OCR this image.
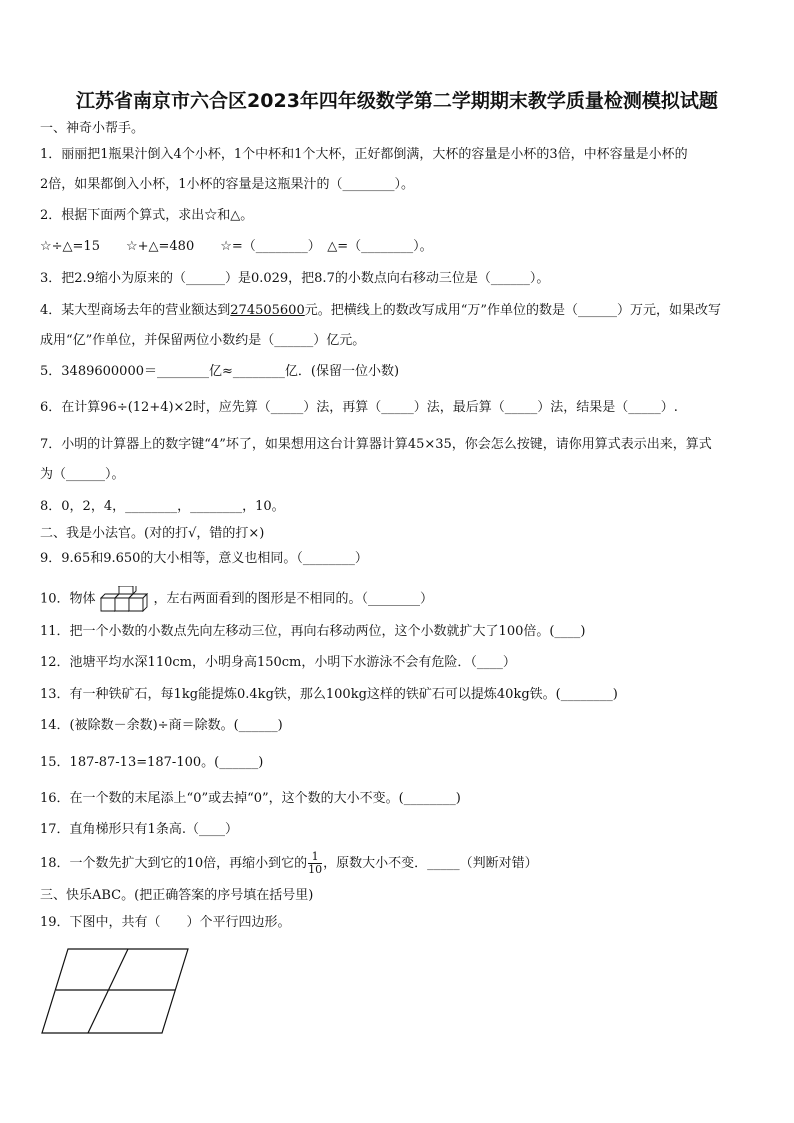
江苏省南京市六合区2023年四年级数学第二学期期末教学质量检测模拟试题
一、神奇小帮手。
1．丽丽把1瓶果汁倒入4个小杯，1个中杯和1个大杯，正好都倒满，大杯的容量是小杯的3倍，中杯容量是小杯的
2倍，如果都倒入小杯，1小杯的容量是这瓶果汁的（________）。
2．根据下面两个算式，求出☆和△。
☆÷△=15　　☆+△=480　　☆=（________）　△=（________）。
3．把2.9缩小为原来的（______）是0.029，把8.7的小数点向右移动三位是（______）。
4．某大型商场去年的营业额达到274505600元。把横线上的数改写成用“万”作单位的数是（______）万元，如果改写
成用“亿”作单位，并保留两位小数约是（______）亿元。
5．3489600000＝________亿≈________亿．(保留一位小数)
6．在计算96÷(12+4)×2时，应先算（_____）法，再算（_____）法，最后算（_____）法，结果是（_____）.
7．小明的计算器上的数字键“4”坏了，如果想用这台计算器计算45×35，你会怎么按键，请你用算式表示出来，算式
为（______）。
8．0，2，4，________，________，10。
二、我是小法官。(对的打√，错的打×)
9．9.65和9.650的大小相等，意义也相同。（________）
10．物体	，左右两面看到的图形是不相同的。（________）
11．把一个小数的小数点先向左移动三位，再向右移动两位，这个小数就扩大了100倍。(____)
12．池塘平均水深110cm，小明身高150cm，小明下水游泳不会有危险．（____）
13．有一种铁矿石，每1kg能提炼0.4kg铁，那么100kg这样的铁矿石可以提炼40kg铁。(________)
14．(被除数－余数)÷商＝除数。(______)
15．187-87-13=187-100。(______)
16．在一个数的末尾添上“0”或去掉“0”，这个数的大小不变。(________)
17．直角梯形只有1条高.（____）
18．一个数先扩大到它的10倍，再缩小到它的 $\frac{1}{10}$ ，原数大小不变．_____（判断对错）
三、快乐ABC。(把正确答案的序号填在括号里)
19．下图中，共有（　　）个平行四边形。
